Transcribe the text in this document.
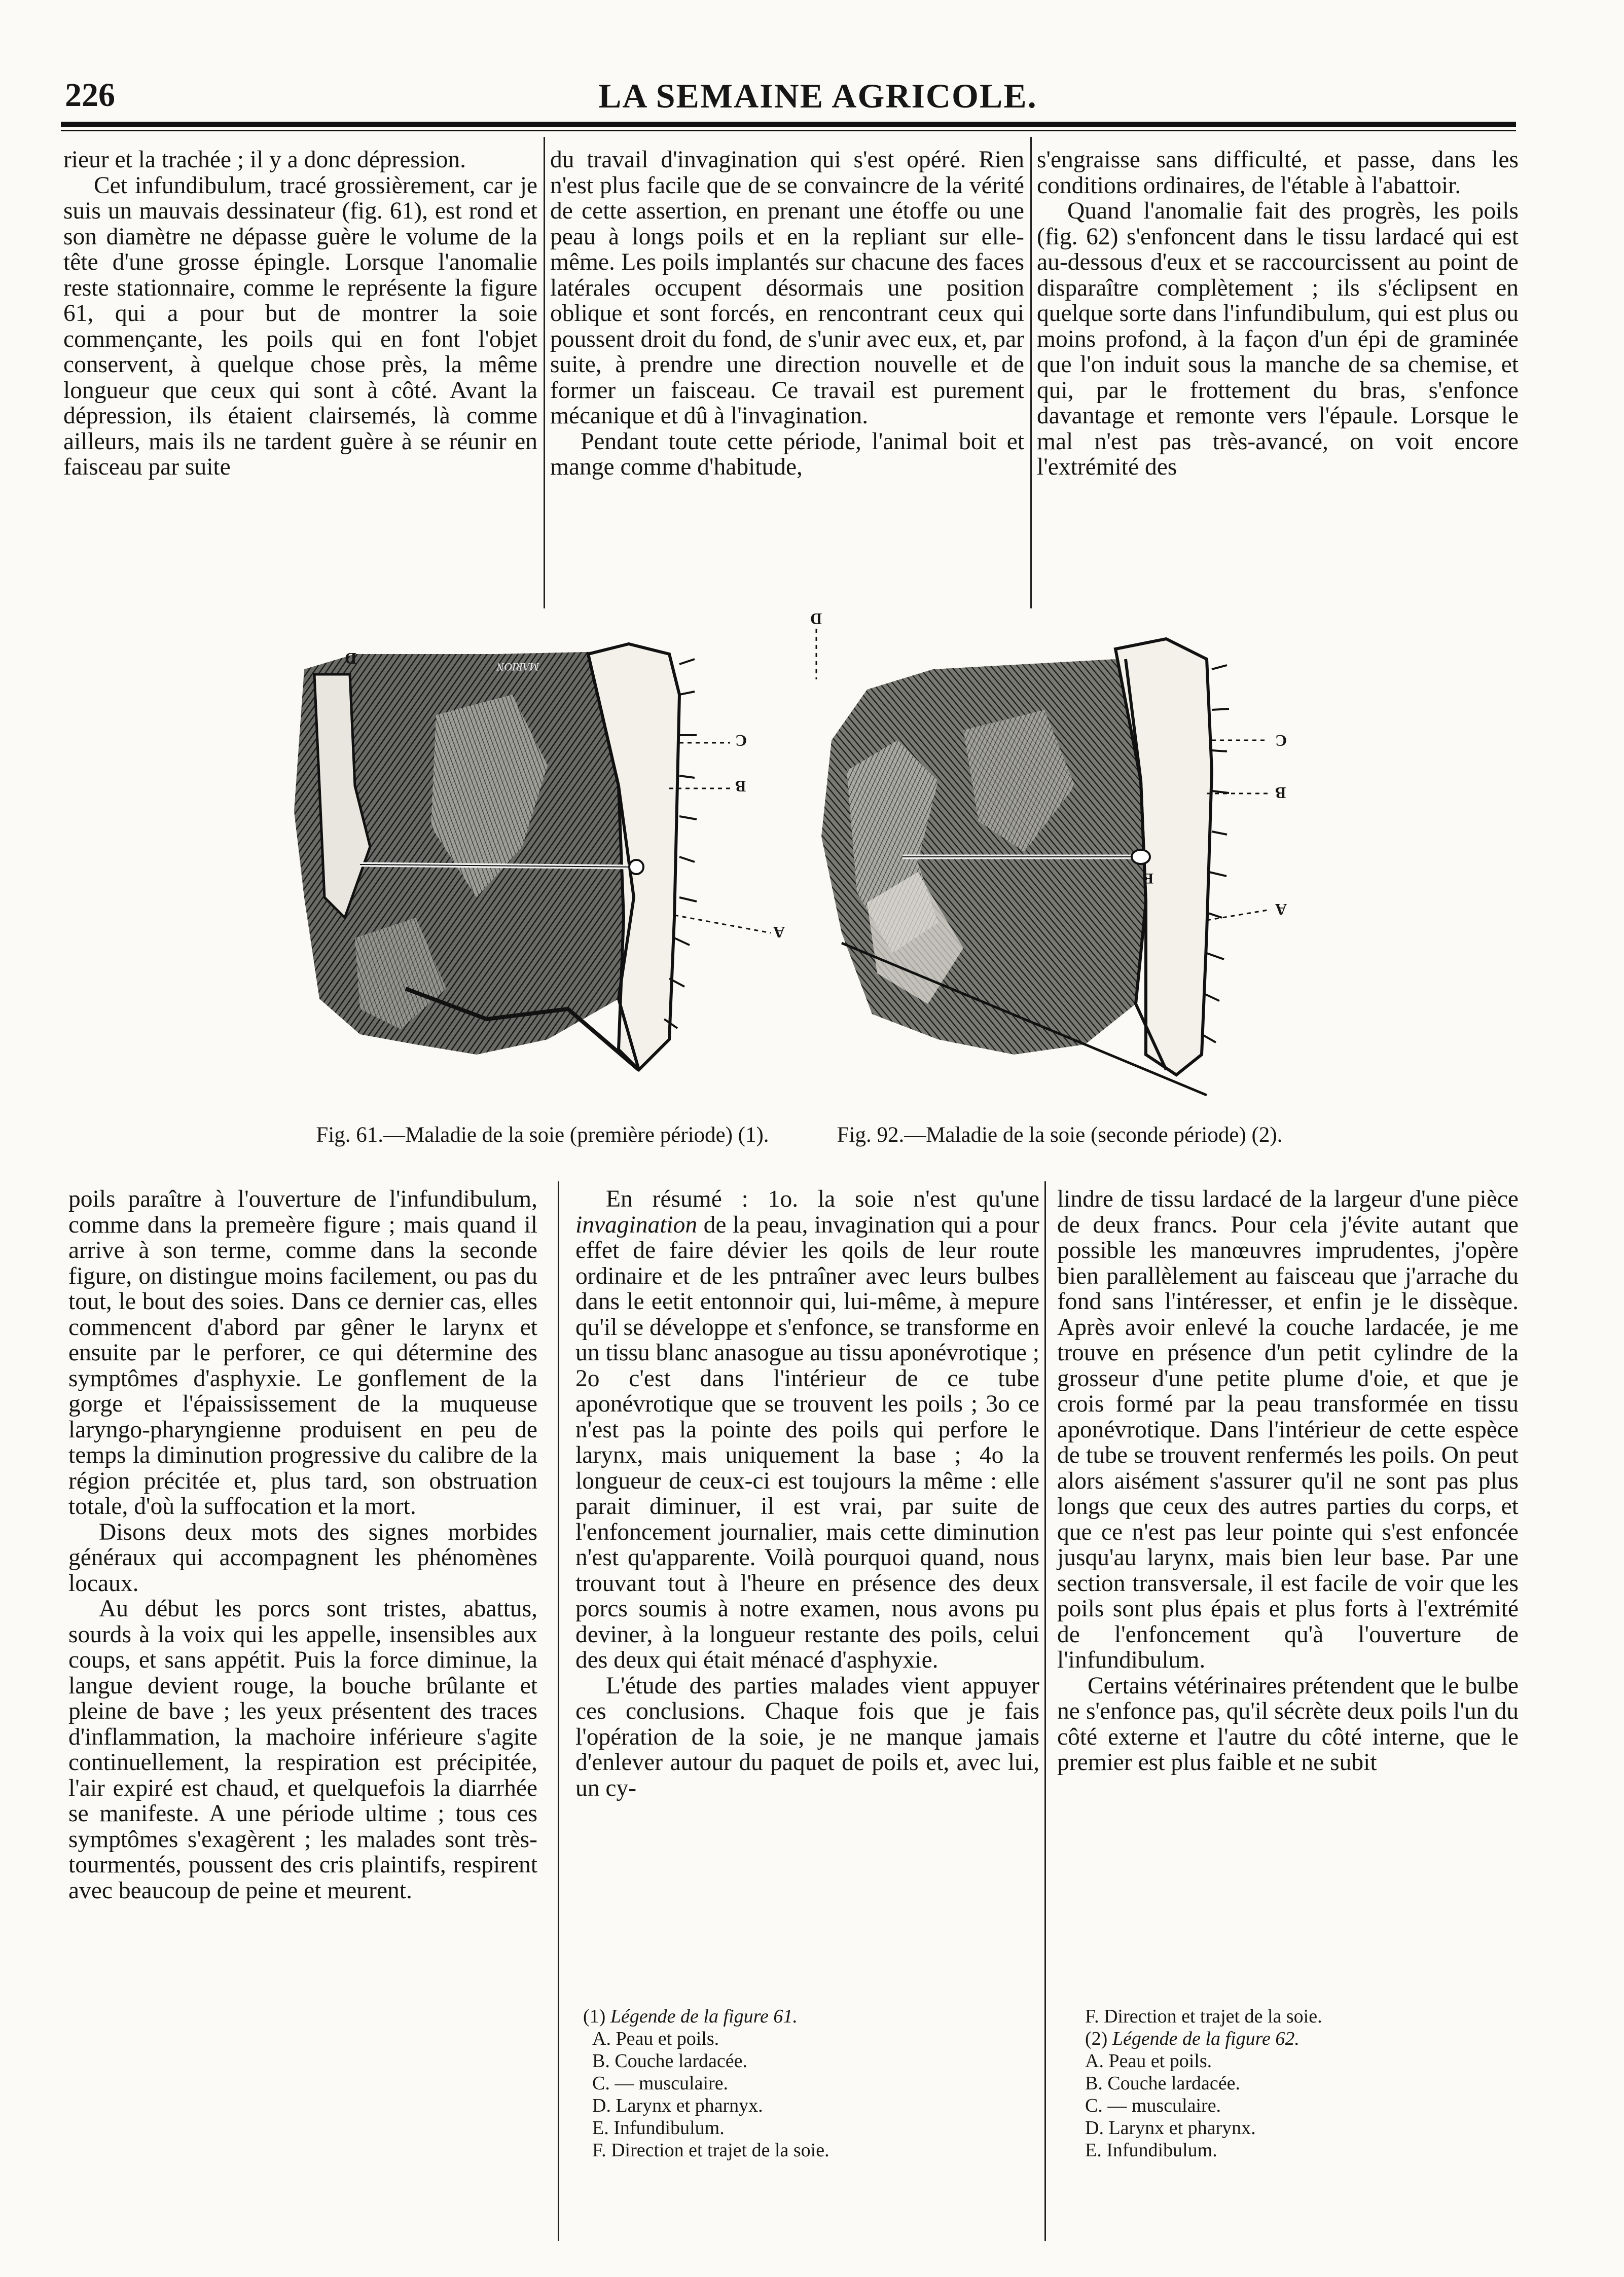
226	LA SEMAINE AGRICOLE.

rieur et la trachée ; il y a donc dépression.

Cet infundibulum, tracé grossièrement, car je suis un mauvais dessinateur (fig. 61), est rond et son diamètre ne dépasse guère le volume de la tête d'une grosse épingle. Lorsque l'anomalie reste stationnaire, comme le représente la figure 61, qui a pour but de montrer la soie commençante, les poils qui en font l'objet conservent, à quelque chose près, la même longueur que ceux qui sont à côté. Avant la dépression, ils étaient clairsemés, là comme ailleurs, mais ils ne tardent guère à se réunir en faisceau par suite

du travail d'invagination qui s'est opéré. Rien n'est plus facile que de se convaincre de la vérité de cette assertion, en prenant une étoffe ou une peau à longs poils et en la repliant sur elle-même. Les poils implantés sur chacune des faces latérales occupent désormais une position oblique et sont forcés, en rencontrant ceux qui poussent droit du fond, de s'unir avec eux, et, par suite, à prendre une direction nouvelle et de former un faisceau. Ce travail est purement mécanique et dû à l'invagination.

Pendant toute cette période, l'animal boit et mange comme d'habitude,

s'engraisse sans difficulté, et passe, dans les conditions ordinaires, de l'étable à l'abattoir.

Quand l'anomalie fait des progrès, les poils (fig. 62) s'enfoncent dans le tissu lardacé qui est au-dessous d'eux et se raccourcissent au point de disparaître complètement ; ils s'éclipsent en quelque sorte dans l'infundibulum, qui est plus ou moins profond, à la façon d'un épi de graminée que l'on induit sous la manche de sa chemise, et qui, par le frottement du bras, s'enfonce davantage et remonte vers l'épaule. Lorsque le mal n'est pas très-avancé, on voit encore l'extrémité des

D
C
B
A
MARION
D
C
B
E
A
Fig. 61.—Maladie de la soie (première période) (1).	Fig. 92.—Maladie de la soie (seconde période) (2).

poils paraître à l'ouverture de l'infundibulum, comme dans la premeère figure ; mais quand il arrive à son terme, comme dans la seconde figure, on distingue moins facilement, ou pas du tout, le bout des soies. Dans ce dernier cas, elles commencent d'abord par gêner le larynx et ensuite par le perforer, ce qui détermine des symptômes d'asphyxie. Le gonflement de la gorge et l'épaississement de la muqueuse laryngo-pharyngienne produisent en peu de temps la diminution progressive du calibre de la région précitée et, plus tard, son obstruation totale, d'où la suffocation et la mort.

Disons deux mots des signes morbides généraux qui accompagnent les phénomènes locaux.

Au début les porcs sont tristes, abattus, sourds à la voix qui les appelle, insensibles aux coups, et sans appétit. Puis la force diminue, la langue devient rouge, la bouche brûlante et pleine de bave ; les yeux présentent des traces d'inflammation, la machoire inférieure s'agite continuellement, la respiration est précipitée, l'air expiré est chaud, et quelquefois la diarrhée se manifeste. A une période ultime ; tous ces symptômes s'exagèrent ; les malades sont très-tourmentés, poussent des cris plaintifs, respirent avec beaucoup de peine et meurent.

En résumé : 1o. la soie n'est qu'une invagination de la peau, invagination qui a pour effet de faire dévier les qoils de leur route ordinaire et de les pntraîner avec leurs bulbes dans le eetit entonnoir qui, lui-même, à mepure qu'il se développe et s'enfonce, se transforme en un tissu blanc anasogue au tissu aponévrotique ; 2o c'est dans l'intérieur de ce tube aponévrotique que se trouvent les poils ; 3o ce n'est pas la pointe des poils qui perfore le larynx, mais uniquement la base ; 4o la longueur de ceux-ci est toujours la même : elle parait diminuer, il est vrai, par suite de l'enfoncement journalier, mais cette diminution n'est qu'apparente. Voilà pourquoi quand, nous trouvant tout à l'heure en présence des deux porcs soumis à notre examen, nous avons pu deviner, à la longueur restante des poils, celui des deux qui était ménacé d'asphyxie.

L'étude des parties malades vient appuyer ces conclusions. Chaque fois que je fais l'opération de la soie, je ne manque jamais d'enlever autour du paquet de poils et, avec lui, un cy-

lindre de tissu lardacé de la largeur d'une pièce de deux francs. Pour cela j'évite autant que possible les manœuvres imprudentes, j'opère bien parallèlement au faisceau que j'arrache du fond sans l'intéresser, et enfin je le dissèque. Après avoir enlevé la couche lardacée, je me trouve en présence d'un petit cylindre de la grosseur d'une petite plume d'oie, et que je crois formé par la peau transformée en tissu aponévrotique. Dans l'intérieur de cette espèce de tube se trouvent renfermés les poils. On peut alors aisément s'assurer qu'il ne sont pas plus longs que ceux des autres parties du corps, et que ce n'est pas leur pointe qui s'est enfoncée jusqu'au larynx, mais bien leur base. Par une section transversale, il est facile de voir que les poils sont plus épais et plus forts à l'extrémité de l'enfoncement qu'à l'ouverture de l'infundibulum.

Certains vétérinaires prétendent que le bulbe ne s'enfonce pas, qu'il sécrète deux poils l'un du côté externe et l'autre du côté interne, que le premier est plus faible et ne subit

(1) Légende de la figure 61.
A. Peau et poils.
B. Couche lardacée.
C. — musculaire.
D. Larynx et pharnyx.
E. Infundibulum.
F. Direction et trajet de la soie.
F. Direction et trajet de la soie.
(2) Légende de la figure 62.
A. Peau et poils.
B. Couche lardacée.
C. — musculaire.
D. Larynx et pharynx.
E. Infundibulum.
